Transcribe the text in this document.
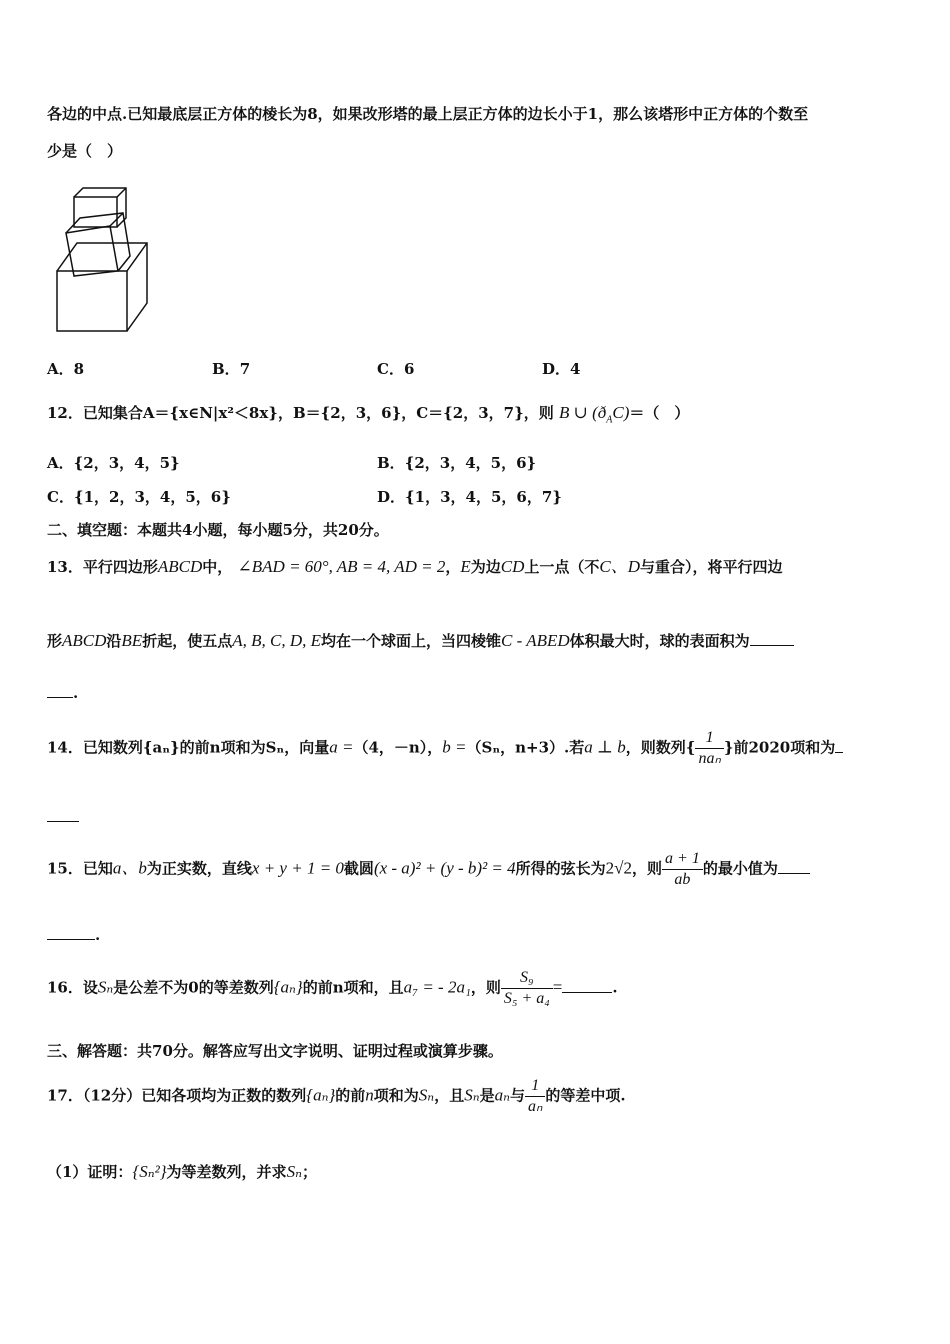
各边的中点.已知最底层正方体的棱长为8，如果改形塔的最上层正方体的边长小于1，那么该塔形中正方体的个数至
少是（　）
A．8	B．7	C．6	D．4
12．已知集合A＝{x∈N|x²＜8x}，B＝{2，3，6}，C＝{2，3，7}，则 B ∪ $(ð_AC)=$（　）
A．{2，3，4，5}	B．{2，3，4，5，6}
C．{1，2，3，4，5，6}	D．{1，3，4，5，6，7}
二、填空题：本题共4小题，每小题5分，共20分。
13．平行四边形ABCD中， ∠BAD = 60°, AB = 4, AD = 2，E为边CD上一点（不C、D与重合），将平行四边
形ABCD沿BE折起，使五点A, B, C, D, E均在一个球面上，当四棱锥C - ABED体积最大时，球的表面积为
.
14．已知数列{aₙ}的前n项和为Sₙ，向量a =（4，－n），b =（Sₙ，n+3）.若a ⊥ b，则数列{ $\frac{1}{\text{naₙ}}$ }前2020项和为
15．已知a、b为正实数，直线x + y + 1 = 0截圆(x - a)² + (y - b)² = 4所得的弦长为2√2，则 $\frac{a + 1}{ab}$ 的最小值为
.
16．设Sₙ是公差不为0的等差数列{aₙ}的前n项和，且a₇ = - 2a₁，则 $\frac{\text{S₉}}{\text{S₅ + a₄}}$ =	.
三、解答题：共70分。解答应写出文字说明、证明过程或演算步骤。
17．（12分）已知各项均为正数的数列{aₙ}的前n项和为Sₙ，且Sₙ是aₙ与 $\frac{1}{\text{aₙ}}$ 的等差中项.
（1）证明：{Sₙ²}为等差数列，并求Sₙ；
